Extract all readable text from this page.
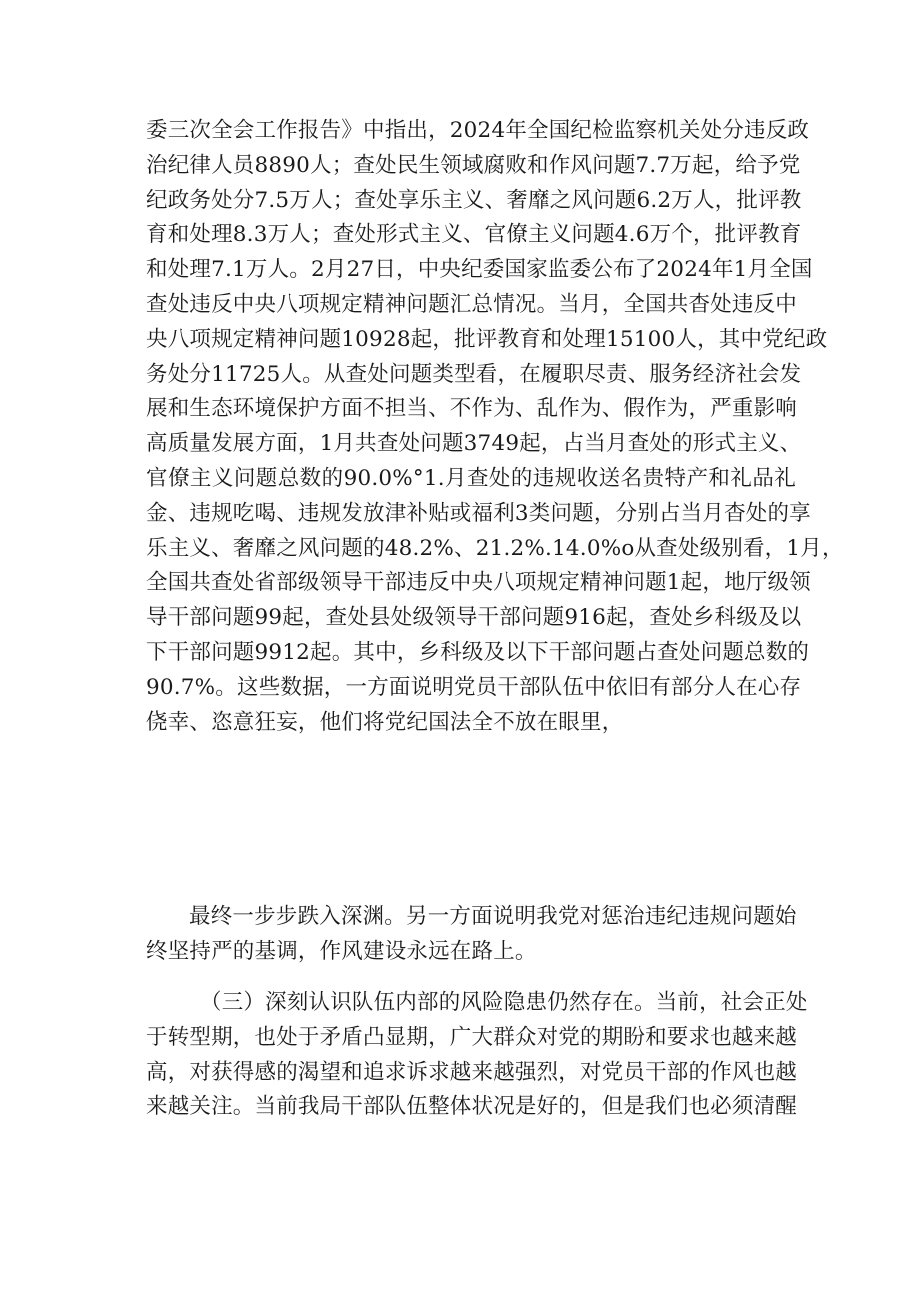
委三次全会工作报告》中指出，2024年全国纪检监察机关处分违反政
治纪律人员8890人；查处民生领域腐败和作风问题7.7万起，给予党
纪政务处分7.5万人；查处享乐主义、奢靡之风问题6.2万人，批评教
育和处理8.3万人；查处形式主义、官僚主义问题4.6万个，批评教育
和处理7.1万人。2月27日，中央纪委国家监委公布了2024年1月全国
查处违反中央八项规定精神问题汇总情况。当月，全国共杳处违反中
央八项规定精神问题10928起，批评教育和处理15100人，其中党纪政
务处分11725人。从查处问题类型看，在履职尽责、服务经济社会发
展和生态环境保护方面不担当、不作为、乱作为、假作为，严重影响
高质量发展方面，1月共查处问题3749起，占当月查处的形式主义、
官僚主义问题总数的90.0%°1.月查处的违规收送名贵特产和礼品礼
金、违规吃喝、违规发放津补贴或福利3类问题，分别占当月杳处的享
乐主义、奢靡之风问题的48.2%、21.2%.14.0%o从查处级别看，1月，
全国共查处省部级领导干部违反中央八项规定精神问题1起，地厅级领
导干部问题99起，查处县处级领导干部问题916起，查处乡科级及以
下干部问题9912起。其中，乡科级及以下干部问题占查处问题总数的
90.7%。这些数据，一方面说明党员干部队伍中依旧有部分人在心存
侥幸、恣意狂妄，他们将党纪国法全不放在眼里，
最终一步步跌入深渊。另一方面说明我党对惩治违纪违规问题始
终坚持严的基调，作风建设永远在路上。
（三）深刻认识队伍内部的风险隐患仍然存在。当前，社会正处
于转型期，也处于矛盾凸显期，广大群众对党的期盼和要求也越来越
高，对获得感的渴望和追求诉求越来越强烈，对党员干部的作风也越
来越关注。当前我局干部队伍整体状况是好的，但是我们也必须清醒
